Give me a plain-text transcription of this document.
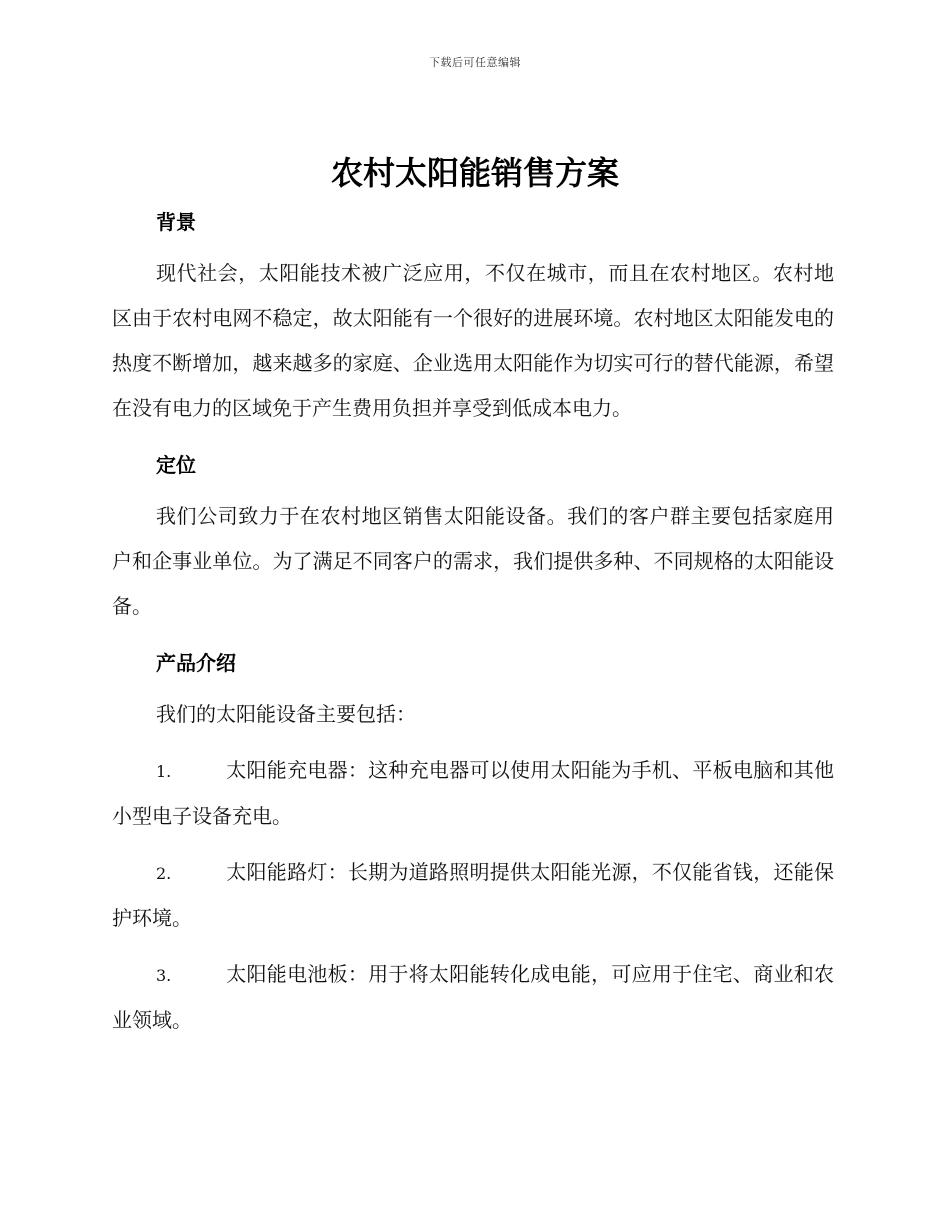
下载后可任意编辑
农村太阳能销售方案
背景

现代社会，太阳能技术被广泛应用，不仅在城市，而且在农村地区。农村地区由于农村电网不稳定，故太阳能有一个很好的进展环境。农村地区太阳能发电的热度不断增加，越来越多的家庭、企业选用太阳能作为切实可行的替代能源，希望在没有电力的区域免于产生费用负担并享受到低成本电力。

定位

我们公司致力于在农村地区销售太阳能设备。我们的客户群主要包括家庭用户和企事业单位。为了满足不同客户的需求，我们提供多种、不同规格的太阳能设备。

产品介绍

我们的太阳能设备主要包括：

1.	太阳能充电器：这种充电器可以使用太阳能为手机、平板电脑和其他小型电子设备充电。

2.	太阳能路灯：长期为道路照明提供太阳能光源，不仅能省钱，还能保护环境。

3.	太阳能电池板：用于将太阳能转化成电能，可应用于住宅、商业和农业领域。
